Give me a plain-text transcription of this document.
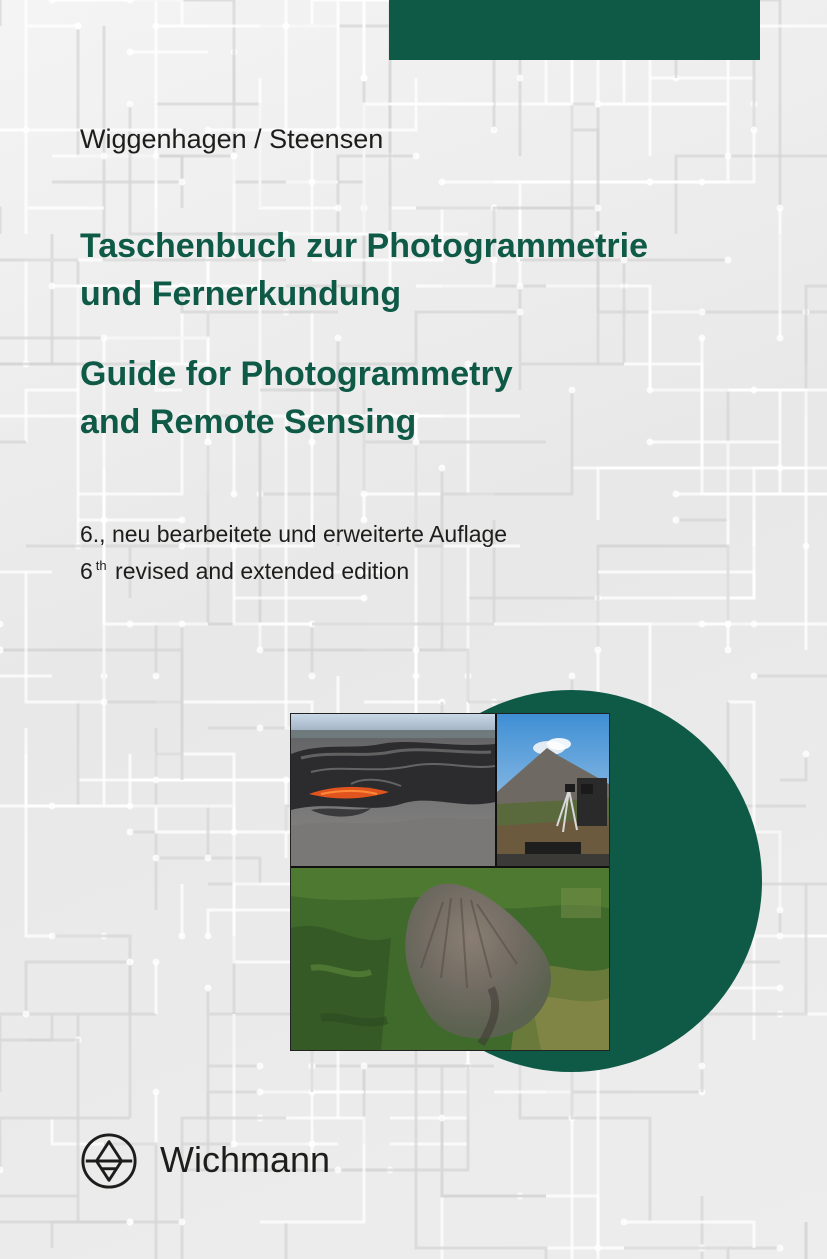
Wiggenhagen / Steensen
Taschenbuch zur Photogrammetrie
und Fernerkundung
Guide for Photogrammetry
and Remote Sensing
6., neu bearbeitete und erweiterte Auflage
6 $^{th}$ revised and extended edition
Wichmann
